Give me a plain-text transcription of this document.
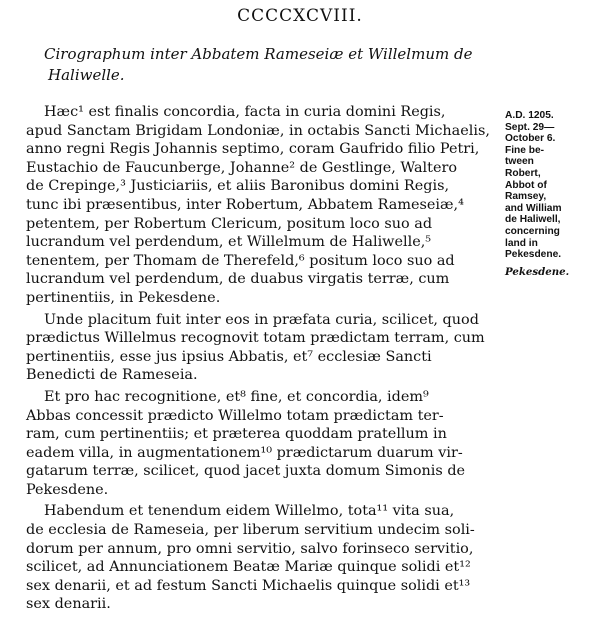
CCCCXCVIII.
Cirographum inter Abbatem Rameseiæ et Willelmum de
Haliwelle.
Hæc¹ est finalis concordia, facta in curia domini Regis,
apud Sanctam Brigidam Londoniæ, in octabis Sancti Michaelis,
anno regni Regis Johannis septimo, coram Gaufrido filio Petri,
Eustachio de Faucunberge, Johanne² de Gestlinge, Waltero
de Crepinge,³ Justiciariis, et aliis Baronibus domini Regis,
tunc ibi præsentibus, inter Robertum, Abbatem Rameseiæ,⁴
petentem, per Robertum Clericum, positum loco suo ad
lucrandum vel perdendum, et Willelmum de Haliwelle,⁵
tenentem, per Thomam de Therefeld,⁶ positum loco suo ad
lucrandum vel perdendum, de duabus virgatis terræ, cum
pertinentiis, in Pekesdene.
Unde placitum fuit inter eos in præfata curia, scilicet, quod
prædictus Willelmus recognovit totam prædictam terram, cum
pertinentiis, esse jus ipsius Abbatis, et⁷ ecclesiæ Sancti
Benedicti de Rameseia.
Et pro hac recognitione, et⁸ fine, et concordia, idem⁹
Abbas concessit prædicto Willelmo totam prædictam ter-
ram, cum pertinentiis; et præterea quoddam pratellum in
eadem villa, in augmentationem¹⁰ prædictarum duarum vir-
gatarum terræ, scilicet, quod jacet juxta domum Simonis de
Pekesdene.
Habendum et tenendum eidem Willelmo, tota¹¹ vita sua,
de ecclesia de Rameseia, per liberum servitium undecim soli-
dorum per annum, pro omni servitio, salvo forinseco servitio,
scilicet, ad Annunciationem Beatæ Mariæ quinque solidi et¹²
sex denarii, et ad festum Sancti Michaelis quinque solidi et¹³
sex denarii.
A.D. 1205.
Sept. 29—
October 6.
Fine be-
tween
Robert,
Abbot of
Ramsey,
and William
de Haliwell,
concerning
land in
Pekesdene.
Pekesdene.
